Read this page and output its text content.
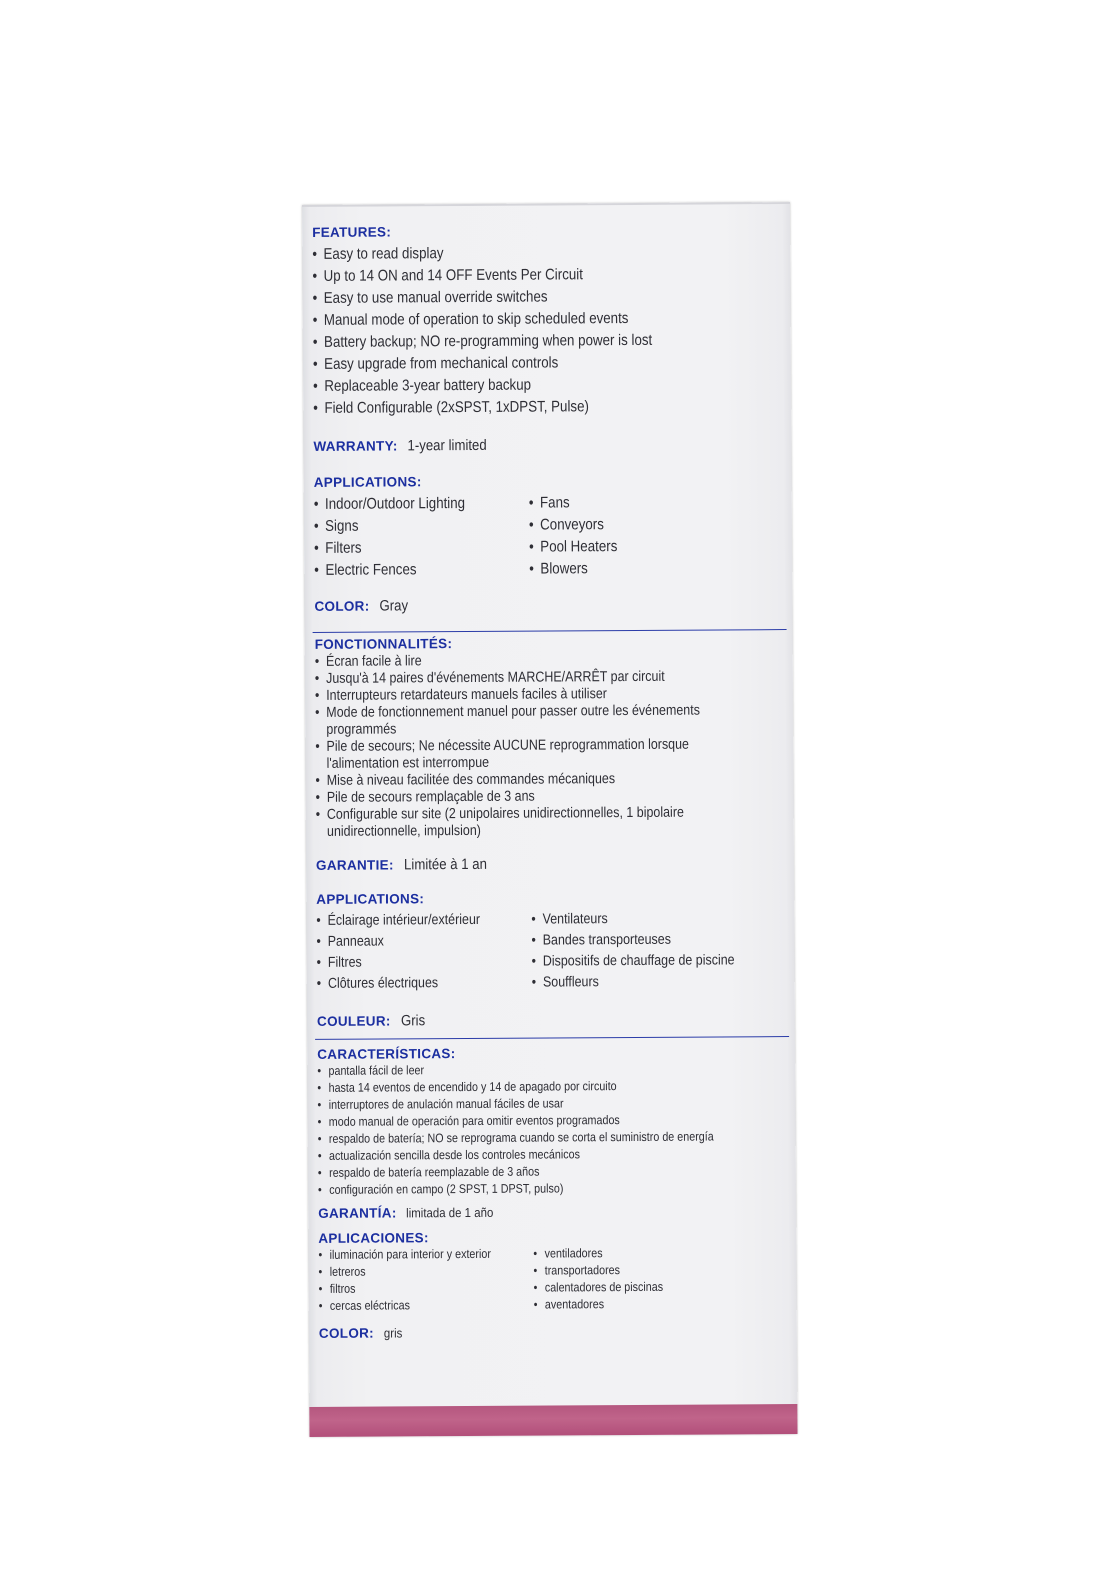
FEATURES:

• Easy to read display
• Up to 14 ON and 14 OFF Events Per Circuit
• Easy to use manual override switches
• Manual mode of operation to skip scheduled events
• Battery backup; NO re-programming when power is lost
• Easy upgrade from mechanical controls
• Replaceable 3-year battery backup
• Field Configurable (2xSPST, 1xDPST, Pulse)

WARRANTY: 1-year limited

APPLICATIONS:

• Indoor/Outdoor Lighting
• Signs
• Filters
• Electric Fences
• Fans
• Conveyors
• Pool Heaters
• Blowers

COLOR: Gray

FONCTIONNALITÉS:

• Écran facile à lire
• Jusqu'à 14 paires d'événements MARCHE/ARRÊT par circuit
• Interrupteurs retardateurs manuels faciles à utiliser
• Mode de fonctionnement manuel pour passer outre les événements programmés
• Pile de secours; Ne nécessite AUCUNE reprogrammation lorsque l'alimentation est interrompue
• Mise à niveau facilitée des commandes mécaniques
• Pile de secours remplaçable de 3 ans
• Configurable sur site (2 unipolaires unidirectionnelles, 1 bipolaire unidirectionnelle, impulsion)

GARANTIE: Limitée à 1 an

APPLICATIONS:

• Éclairage intérieur/extérieur
• Panneaux
• Filtres
• Clôtures électriques
• Ventilateurs
• Bandes transporteuses
• Dispositifs de chauffage de piscine
• Souffleurs

COULEUR: Gris

CARACTERÍSTICAS:

• pantalla fácil de leer
• hasta 14 eventos de encendido y 14 de apagado por circuito
• interruptores de anulación manual fáciles de usar
• modo manual de operación para omitir eventos programados
• respaldo de batería; NO se reprograma cuando se corta el suministro de energía
• actualización sencilla desde los controles mecánicos
• respaldo de batería reemplazable de 3 años
• configuración en campo (2 SPST, 1 DPST, pulso)

GARANTÍA: limitada de 1 año

APLICACIONES:

• iluminación para interior y exterior
• letreros
• filtros
• cercas eléctricas
• ventiladores
• transportadores
• calentadores de piscinas
• aventadores

COLOR: gris
